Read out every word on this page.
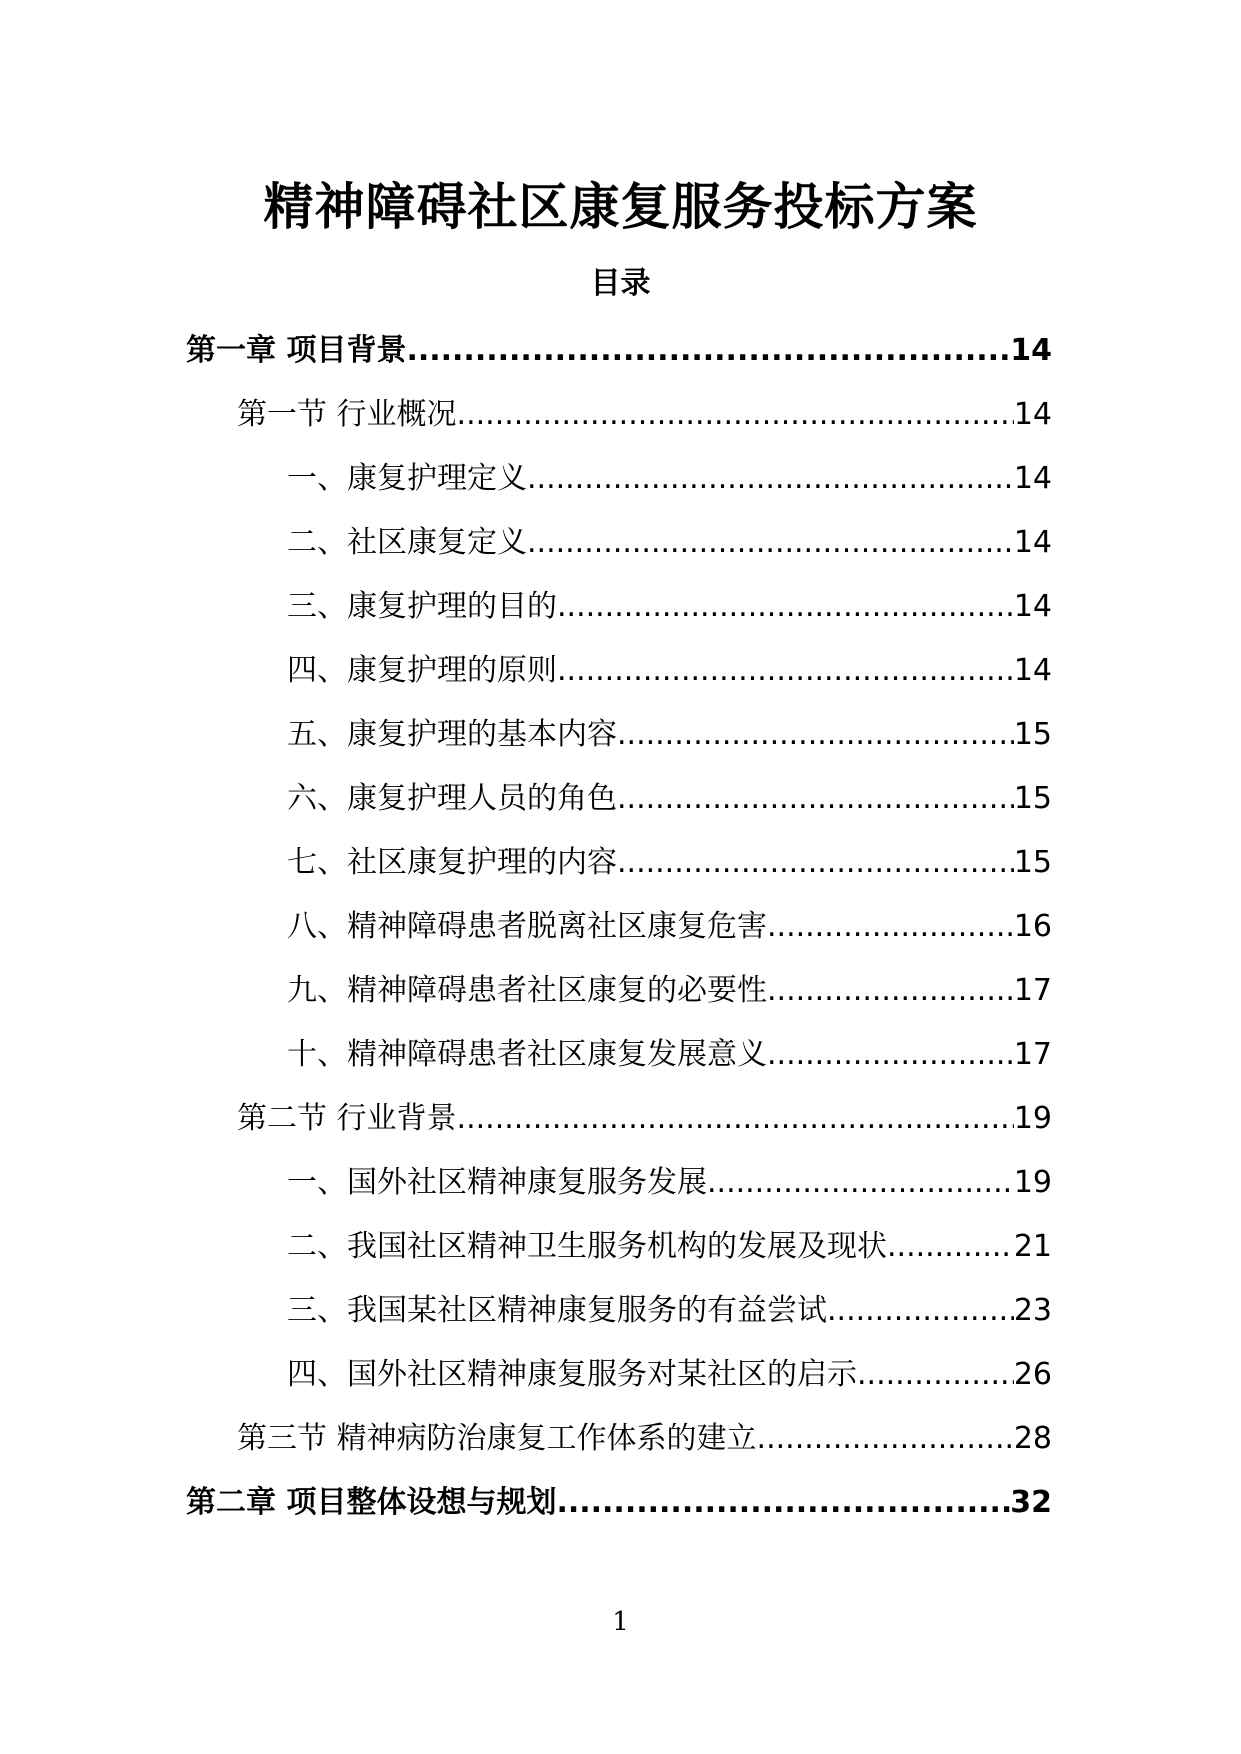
精神障碍社区康复服务投标方案
目录
第一章 项目背景 .....	14
第一节 行业概况 .....	14
一、康复护理定义 .....	14
二、社区康复定义 .....	14
三、康复护理的目的 .....	14
四、康复护理的原则 .....	14
五、康复护理的基本内容 .....	15
六、康复护理人员的角色 .....	15
七、社区康复护理的内容 .....	15
八、精神障碍患者脱离社区康复危害 .....	16
九、精神障碍患者社区康复的必要性 .....	17
十、精神障碍患者社区康复发展意义 .....	17
第二节 行业背景 .....	19
一、国外社区精神康复服务发展 .....	19
二、我国社区精神卫生服务机构的发展及现状 .....	21
三、我国某社区精神康复服务的有益尝试 .....	23
四、国外社区精神康复服务对某社区的启示 .....	26
第三节 精神病防治康复工作体系的建立 .....	28
第二章 项目整体设想与规划 .....	32
1
